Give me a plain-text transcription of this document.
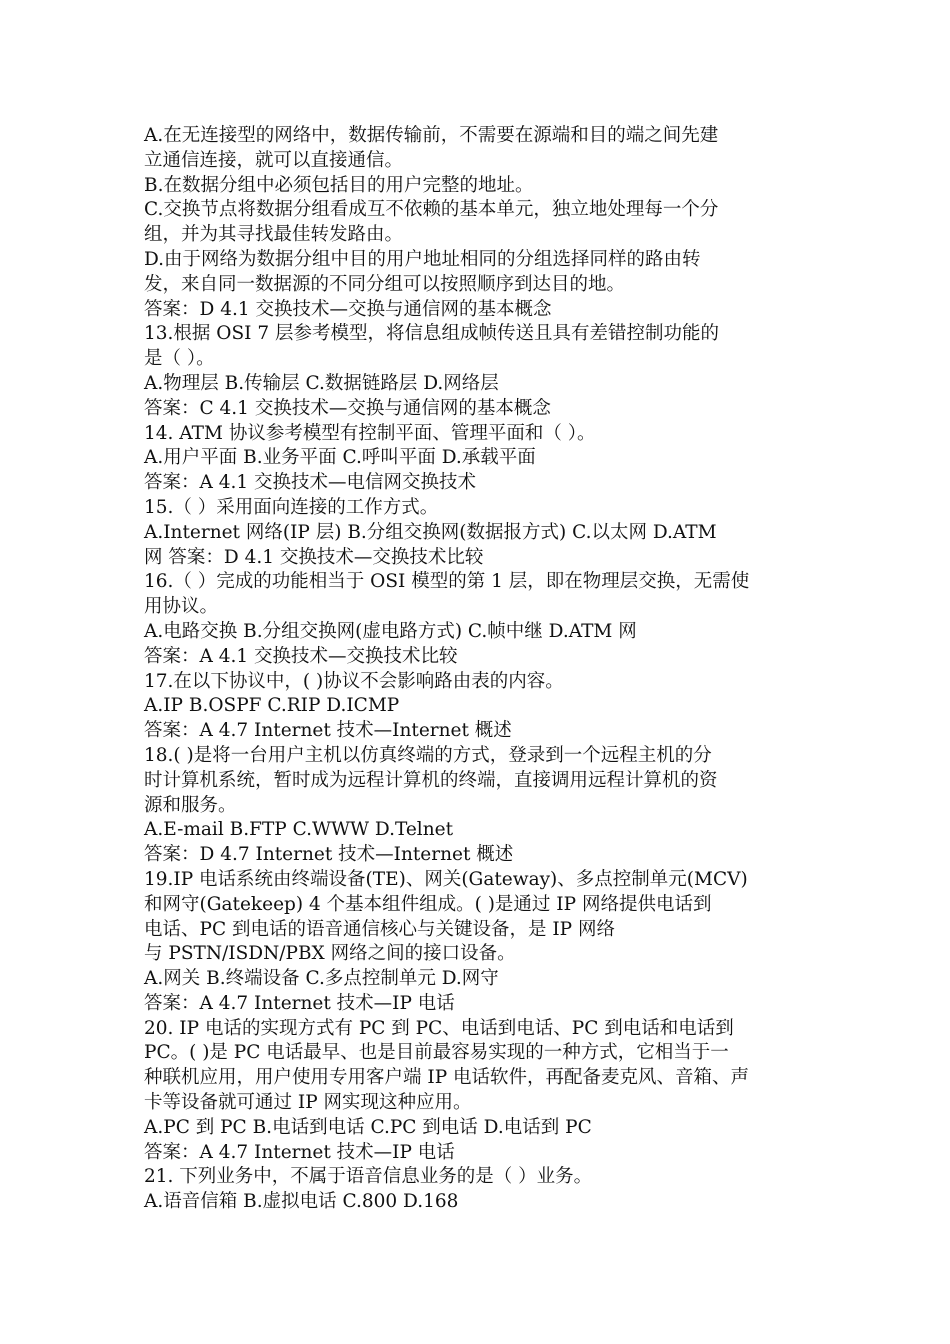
A.在无连接型的网络中，数据传输前，不需要在源端和目的端之间先建
立通信连接，就可以直接通信。
B.在数据分组中必须包括目的用户完整的地址。
C.交换节点将数据分组看成互不依赖的基本单元，独立地处理每一个分
组，并为其寻找最佳转发路由。
D.由于网络为数据分组中目的用户地址相同的分组选择同样的路由转
发，来自同一数据源的不同分组可以按照顺序到达目的地。
答案：D 4.1 交换技术—交换与通信网的基本概念
13.根据 OSI 7 层参考模型，将信息组成帧传送且具有差错控制功能的
是（ ）。
A.物理层 B.传输层 C.数据链路层 D.网络层
答案：C 4.1 交换技术—交换与通信网的基本概念
14. ATM 协议参考模型有控制平面、管理平面和（ ）。
A.用户平面 B.业务平面 C.呼叫平面 D.承载平面
答案：A 4.1 交换技术—电信网交换技术
15.（ ）采用面向连接的工作方式。
A.Internet 网络(IP 层) B.分组交换网(数据报方式) C.以太网 D.ATM
网 答案：D 4.1 交换技术—交换技术比较
16.（ ）完成的功能相当于 OSI 模型的第 1 层，即在物理层交换，无需使
用协议。
A.电路交换 B.分组交换网(虚电路方式) C.帧中继 D.ATM 网
答案：A 4.1 交换技术—交换技术比较
17.在以下协议中，( )协议不会影响路由表的内容。
A.IP B.OSPF C.RIP D.ICMP
答案：A 4.7 Internet 技术—Internet 概述
18.( )是将一台用户主机以仿真终端的方式，登录到一个远程主机的分
时计算机系统，暂时成为远程计算机的终端，直接调用远程计算机的资
源和服务。
A.E-mail B.FTP C.WWW D.Telnet
答案：D 4.7 Internet 技术—Internet 概述
19.IP 电话系统由终端设备(TE)、网关(Gateway)、多点控制单元(MCV)
和网守(Gatekeep) 4 个基本组件组成。( )是通过 IP 网络提供电话到
电话、PC 到电话的语音通信核心与关键设备，是 IP 网络
与 PSTN/ISDN/PBX 网络之间的接口设备。
A.网关 B.终端设备 C.多点控制单元 D.网守
答案：A 4.7 Internet 技术—IP 电话
20. IP 电话的实现方式有 PC 到 PC、电话到电话、PC 到电话和电话到
PC。( )是 PC 电话最早、也是目前最容易实现的一种方式，它相当于一
种联机应用，用户使用专用客户端 IP 电话软件，再配备麦克风、音箱、声
卡等设备就可通过 IP 网实现这种应用。
A.PC 到 PC B.电话到电话 C.PC 到电话 D.电话到 PC
答案：A 4.7 Internet 技术—IP 电话
21. 下列业务中，不属于语音信息业务的是（ ）业务。
A.语音信箱 B.虚拟电话 C.800 D.168
